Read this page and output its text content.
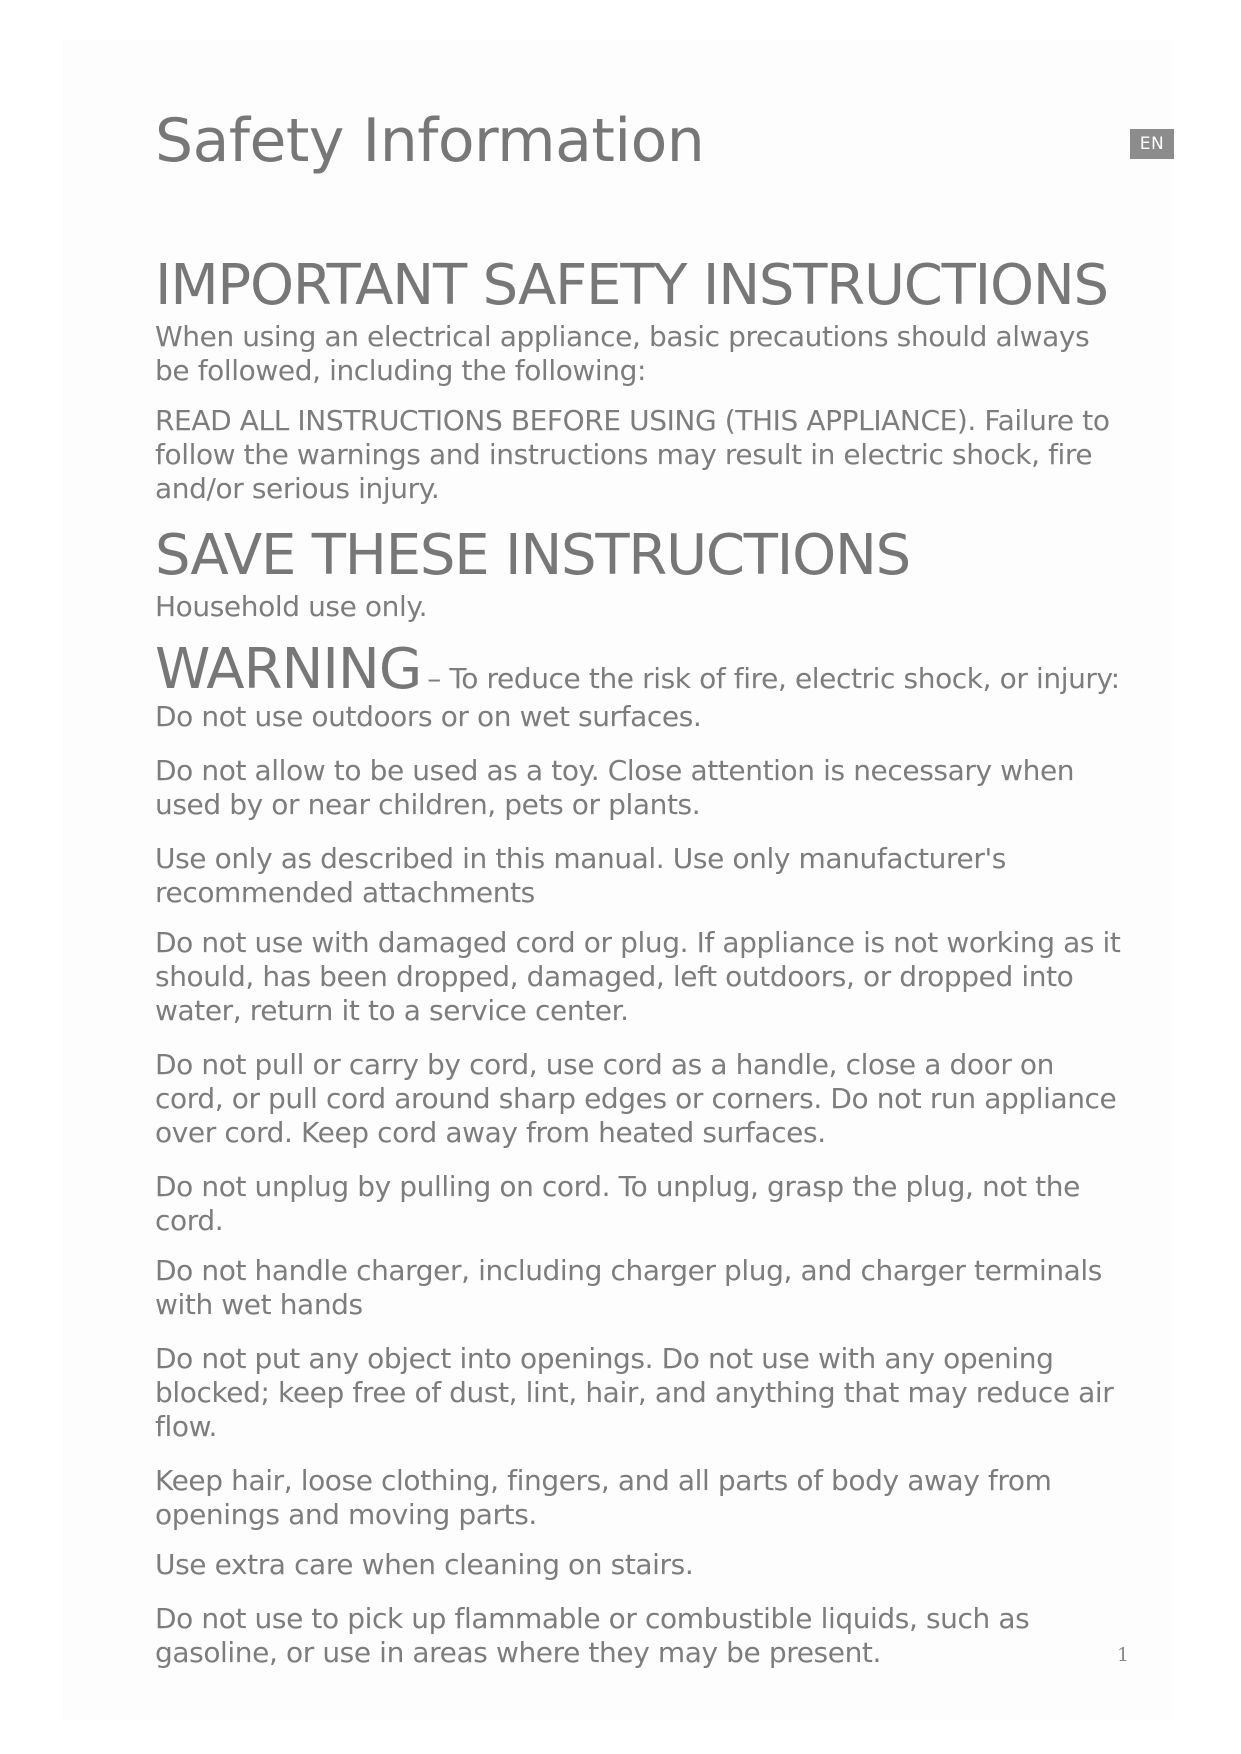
Safety Information	EN

IMPORTANT SAFETY INSTRUCTIONS

When using an electrical appliance, basic precautions should always be followed, including the following:

READ ALL INSTRUCTIONS BEFORE USING (THIS APPLIANCE). Failure to follow the warnings and instructions may result in electric shock, fire and/or serious injury.

SAVE THESE INSTRUCTIONS

Household use only.

WARNING – To reduce the risk of fire, electric shock, or injury:

Do not use outdoors or on wet surfaces.

Do not allow to be used as a toy. Close attention is necessary when used by or near children, pets or plants.

Use only as described in this manual. Use only manufacturer's recommended attachments

Do not use with damaged cord or plug. If appliance is not working as it should, has been dropped, damaged, left outdoors, or dropped into water, return it to a service center.

Do not pull or carry by cord, use cord as a handle, close a door on cord, or pull cord around sharp edges or corners. Do not run appliance over cord. Keep cord away from heated surfaces.

Do not unplug by pulling on cord. To unplug, grasp the plug, not the cord.

Do not handle charger, including charger plug, and charger terminals with wet hands

Do not put any object into openings. Do not use with any opening blocked; keep free of dust, lint, hair, and anything that may reduce air flow.

Keep hair, loose clothing, fingers, and all parts of body away from openings and moving parts.

Use extra care when cleaning on stairs.

Do not use to pick up flammable or combustible liquids, such as gasoline, or use in areas where they may be present.	1
